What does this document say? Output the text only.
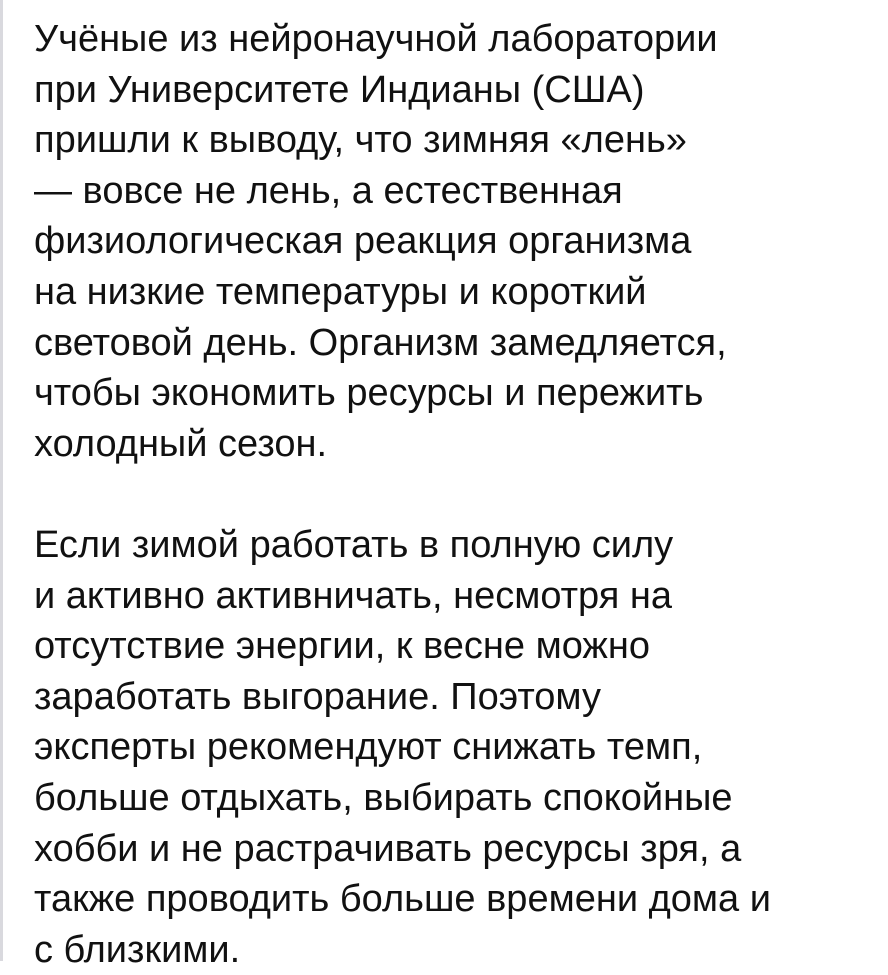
Учёные из нейронаучной лаборатории
при Университете Индианы (США)
пришли к выводу, что зимняя «лень»
— вовсе не лень, а естественная
физиологическая реакция организма
на низкие температуры и короткий
световой день. Организм замедляется,
чтобы экономить ресурсы и пережить
холодный сезон.

Если зимой работать в полную силу
и активно активничать, несмотря на
отсутствие энергии, к весне можно
заработать выгорание. Поэтому
эксперты рекомендуют снижать темп,
больше отдыхать, выбирать спокойные
хобби и не растрачивать ресурсы зря, а
также проводить больше времени дома и
с близкими.
